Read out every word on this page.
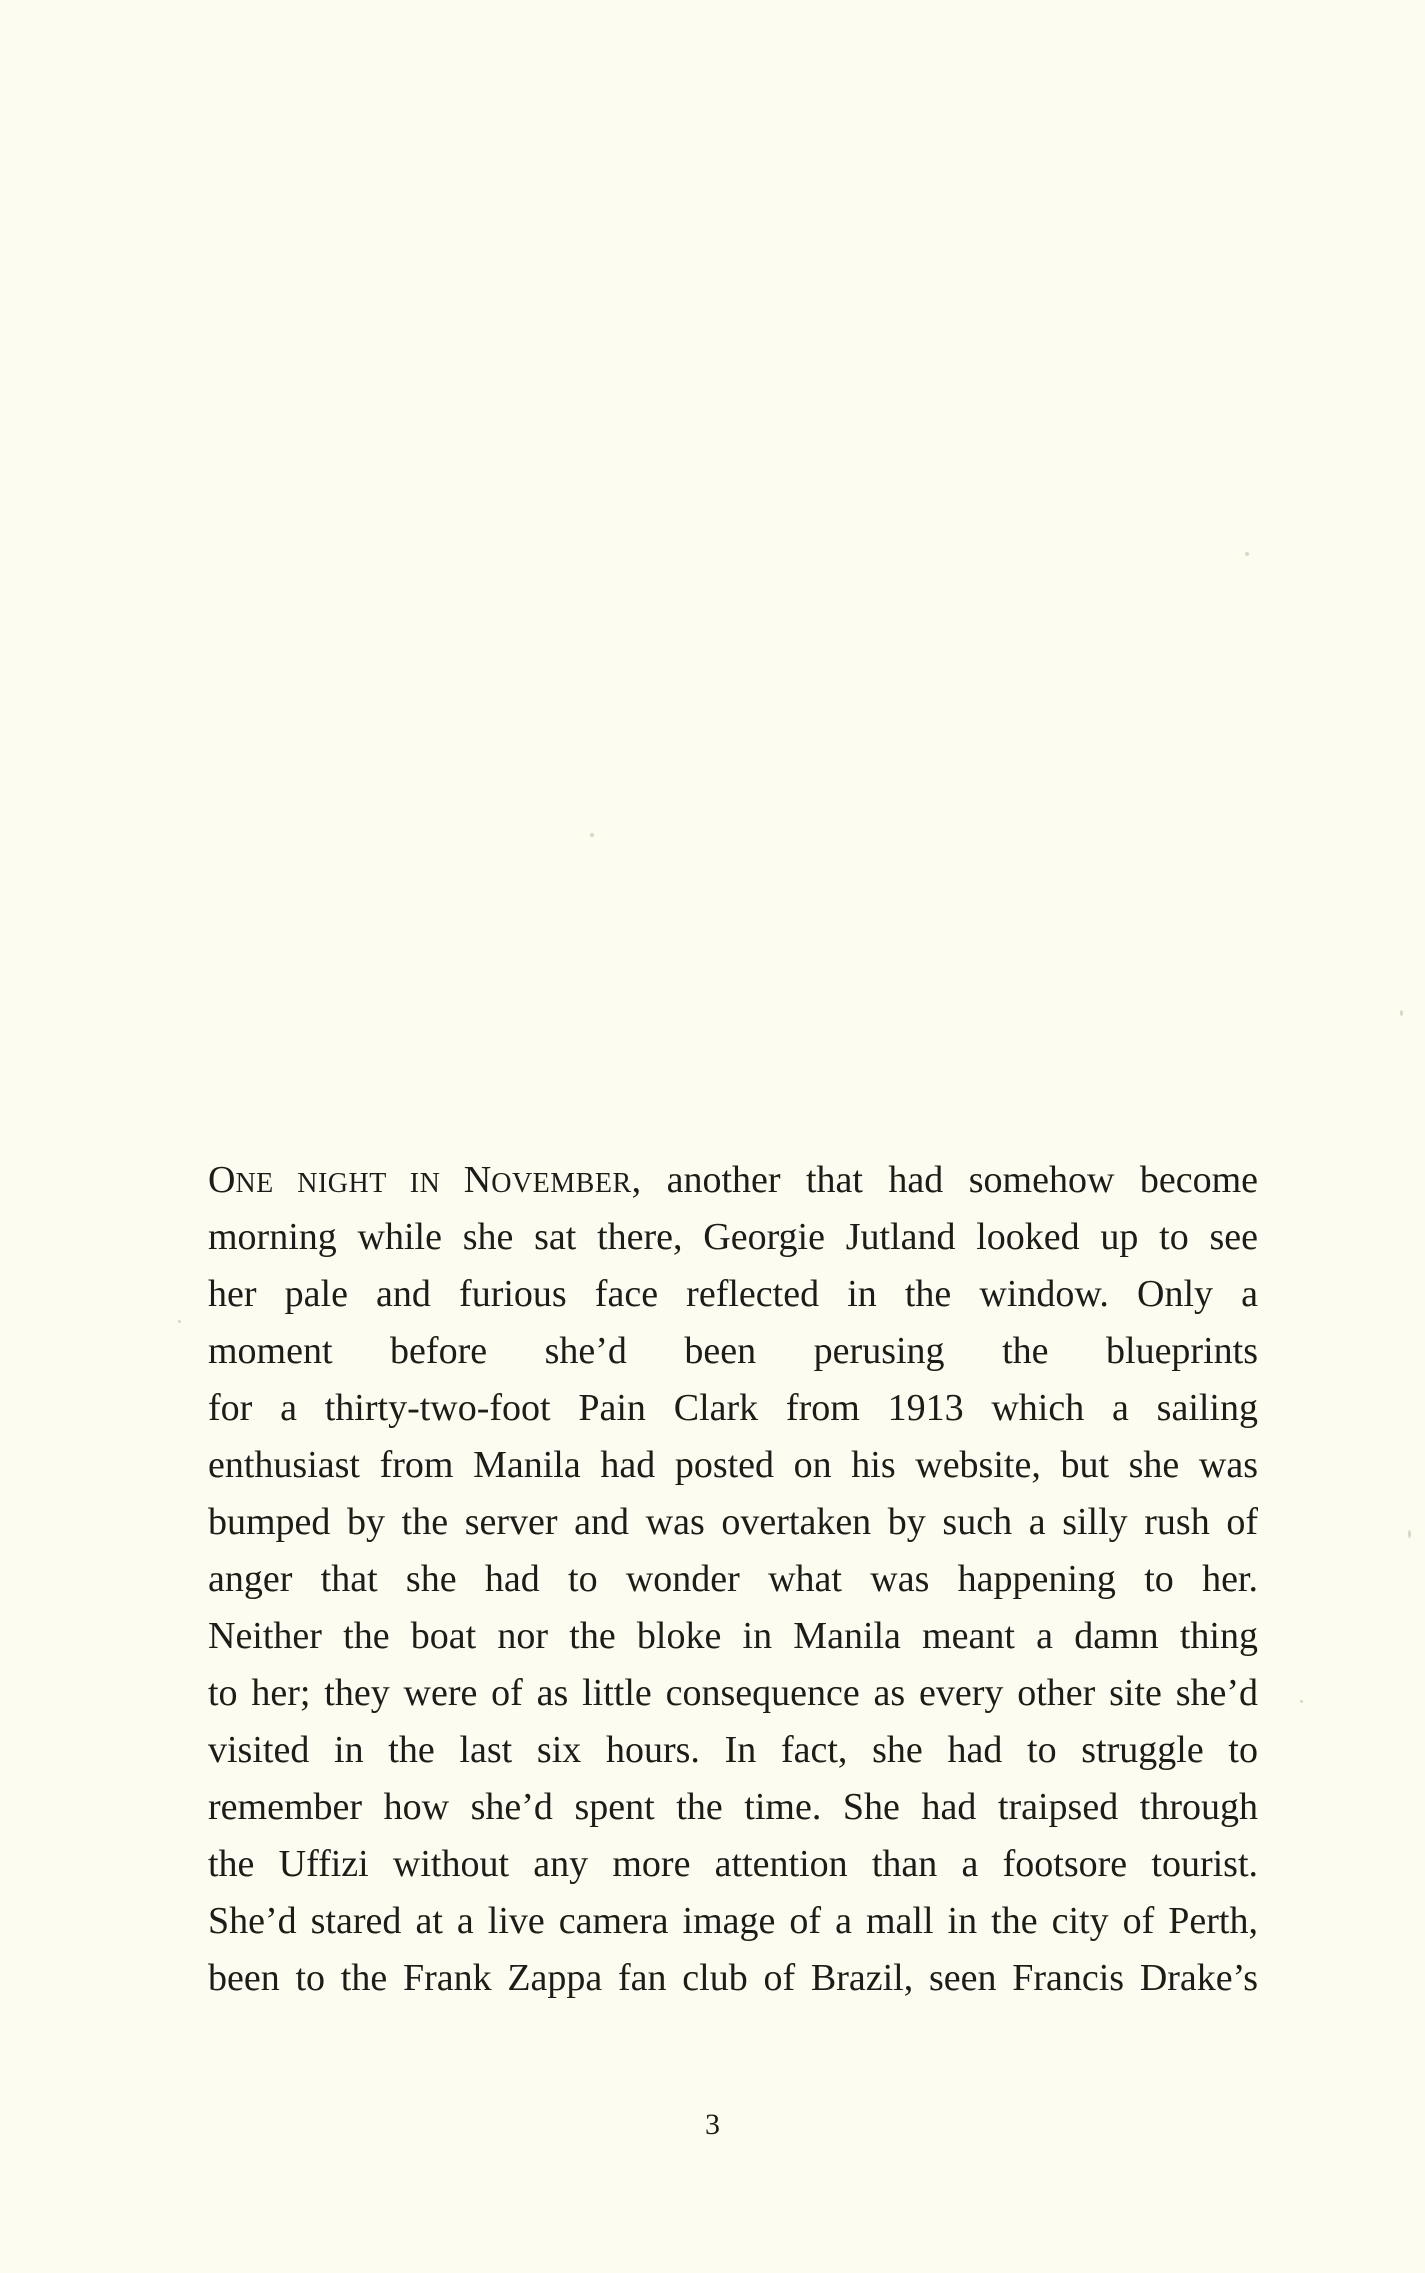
ONE NIGHT IN NOVEMBER, another that had somehow become
morning while she sat there, Georgie Jutland looked up to see
her pale and furious face reflected in the window. Only a
moment before she’d been perusing the blueprints
for a thirty-two-foot Pain Clark from 1913 which a sailing
enthusiast from Manila had posted on his website, but she was
bumped by the server and was overtaken by such a silly rush of
anger that she had to wonder what was happening to her.
Neither the boat nor the bloke in Manila meant a damn thing
to her; they were of as little consequence as every other site she’d
visited in the last six hours. In fact, she had to struggle to
remember how she’d spent the time. She had traipsed through
the Uffizi without any more attention than a footsore tourist.
She’d stared at a live camera image of a mall in the city of Perth,
been to the Frank Zappa fan club of Brazil, seen Francis Drake’s
3
